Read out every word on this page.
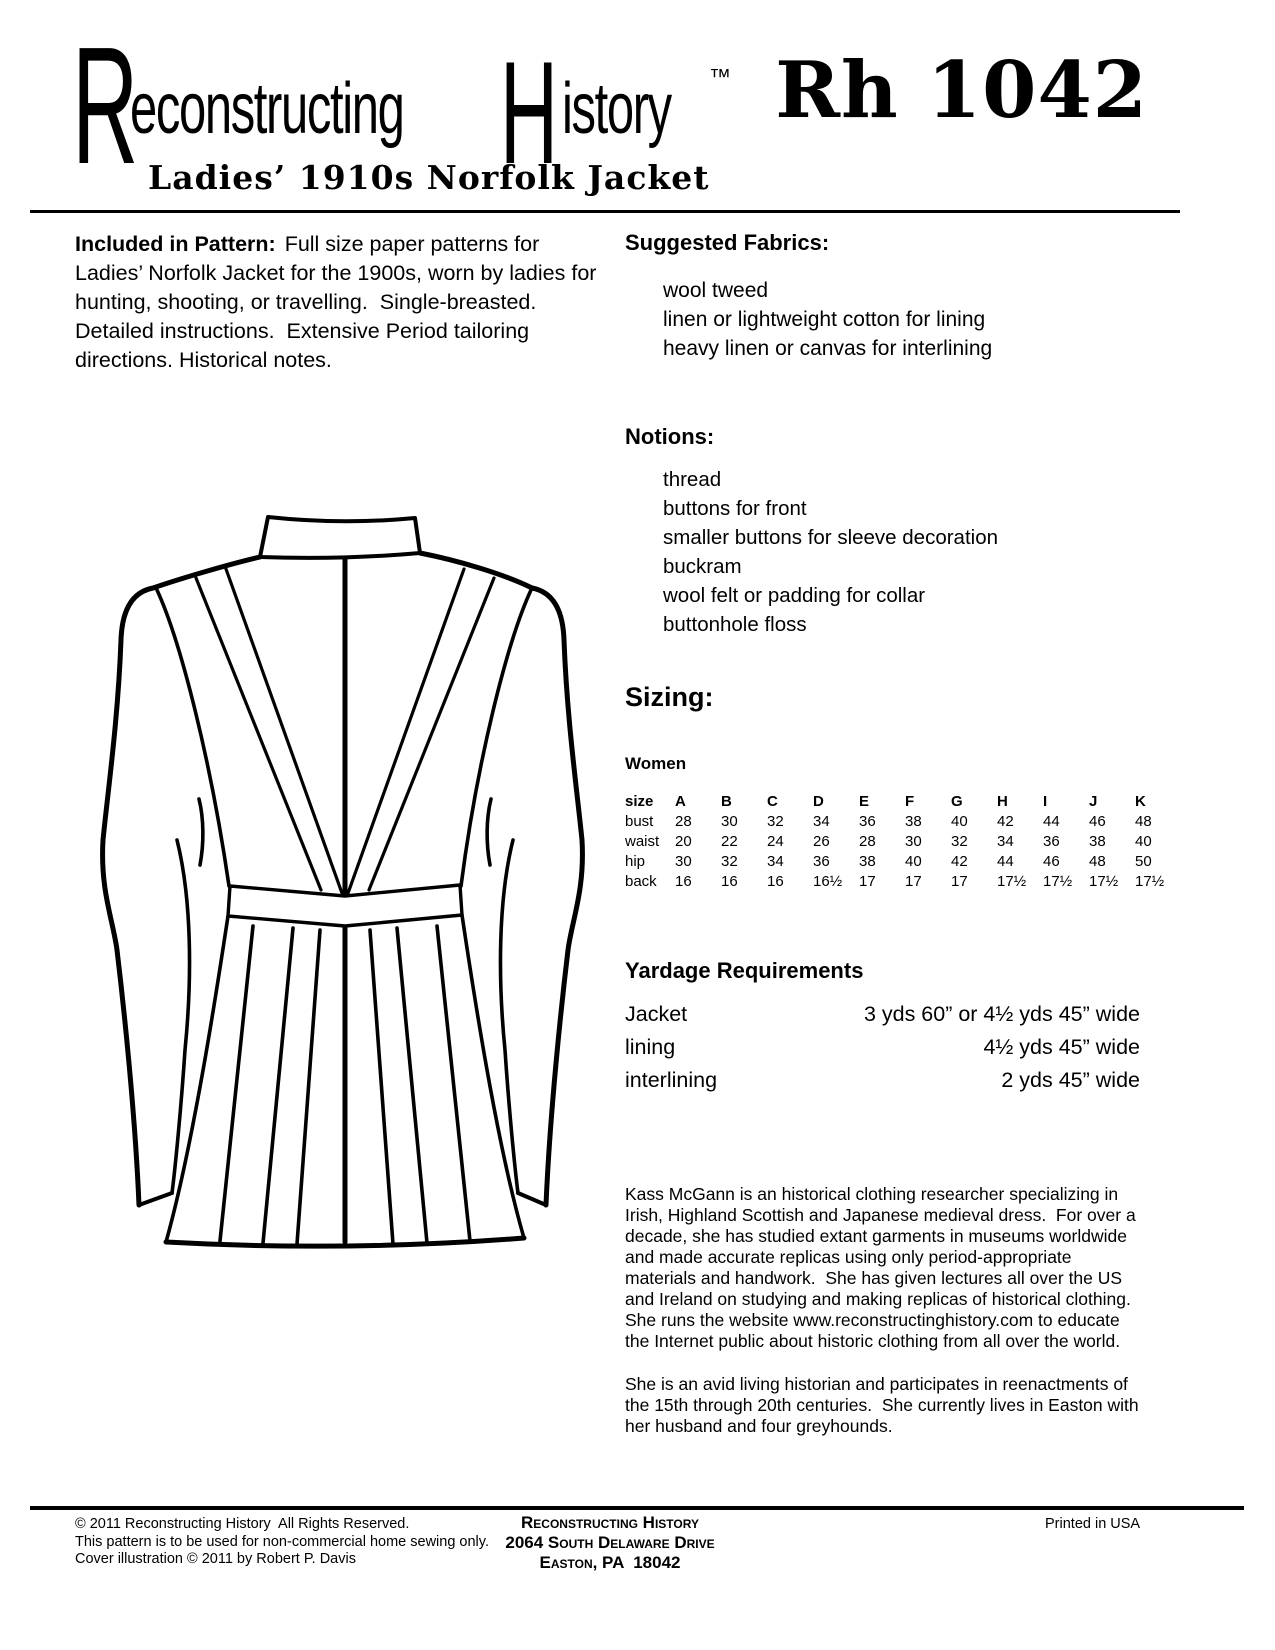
R
econstructing H istory ™ Rh 1042
Ladies’ 1910s Norfolk Jacket
Included in Pattern: Full size paper patterns for Ladies’ Norfolk Jacket for the 1900s, worn by ladies for hunting, shooting, or travelling.  Single-breasted.  Detailed instructions.  Extensive Period tailoring directions. Historical notes.
Suggested Fabrics:
wool tweed
linen or lightweight cotton for lining
heavy linen or canvas for interlining
Notions:
thread
buttons for front
smaller buttons for sleeve decoration
buckram
wool felt or padding for collar
buttonhole floss
Sizing:
Women
size	A	B	C	D	E	F	G	H	I	J	K
bust	28	30	32	34	36	38	40	42	44	46	48
waist	20	22	24	26	28	30	32	34	36	38	40
hip	30	32	34	36	38	40	42	44	46	48	50
back	16	16	16	16½	17	17	17	17½	17½	17½	17½
Yardage Requirements
Jacket	3 yds 60” or 4½ yds 45” wide
lining	4½ yds 45” wide
interlining	2 yds 45” wide

Kass McGann is an historical clothing researcher specializing in Irish, Highland Scottish and Japanese medieval dress.  For over a decade, she has studied extant garments in museums worldwide and made accurate replicas using only period-appropriate materials and handwork.  She has given lectures all over the US and Ireland on studying and making replicas of historical clothing.  She runs the website www.reconstructinghistory.com to educate the Internet public about historic clothing from all over the world.

She is an avid living historian and participates in reenactments of the 15th through 20th centuries.  She currently lives in Easton with her husband and four greyhounds.

© 2011 Reconstructing History  All Rights Reserved.
This pattern is to be used for non-commercial home sewing only.
Cover illustration © 2011 by Robert P. Davis
Reconstructing History
2064 South Delaware Drive
Easton, PA  18042
Printed in USA
